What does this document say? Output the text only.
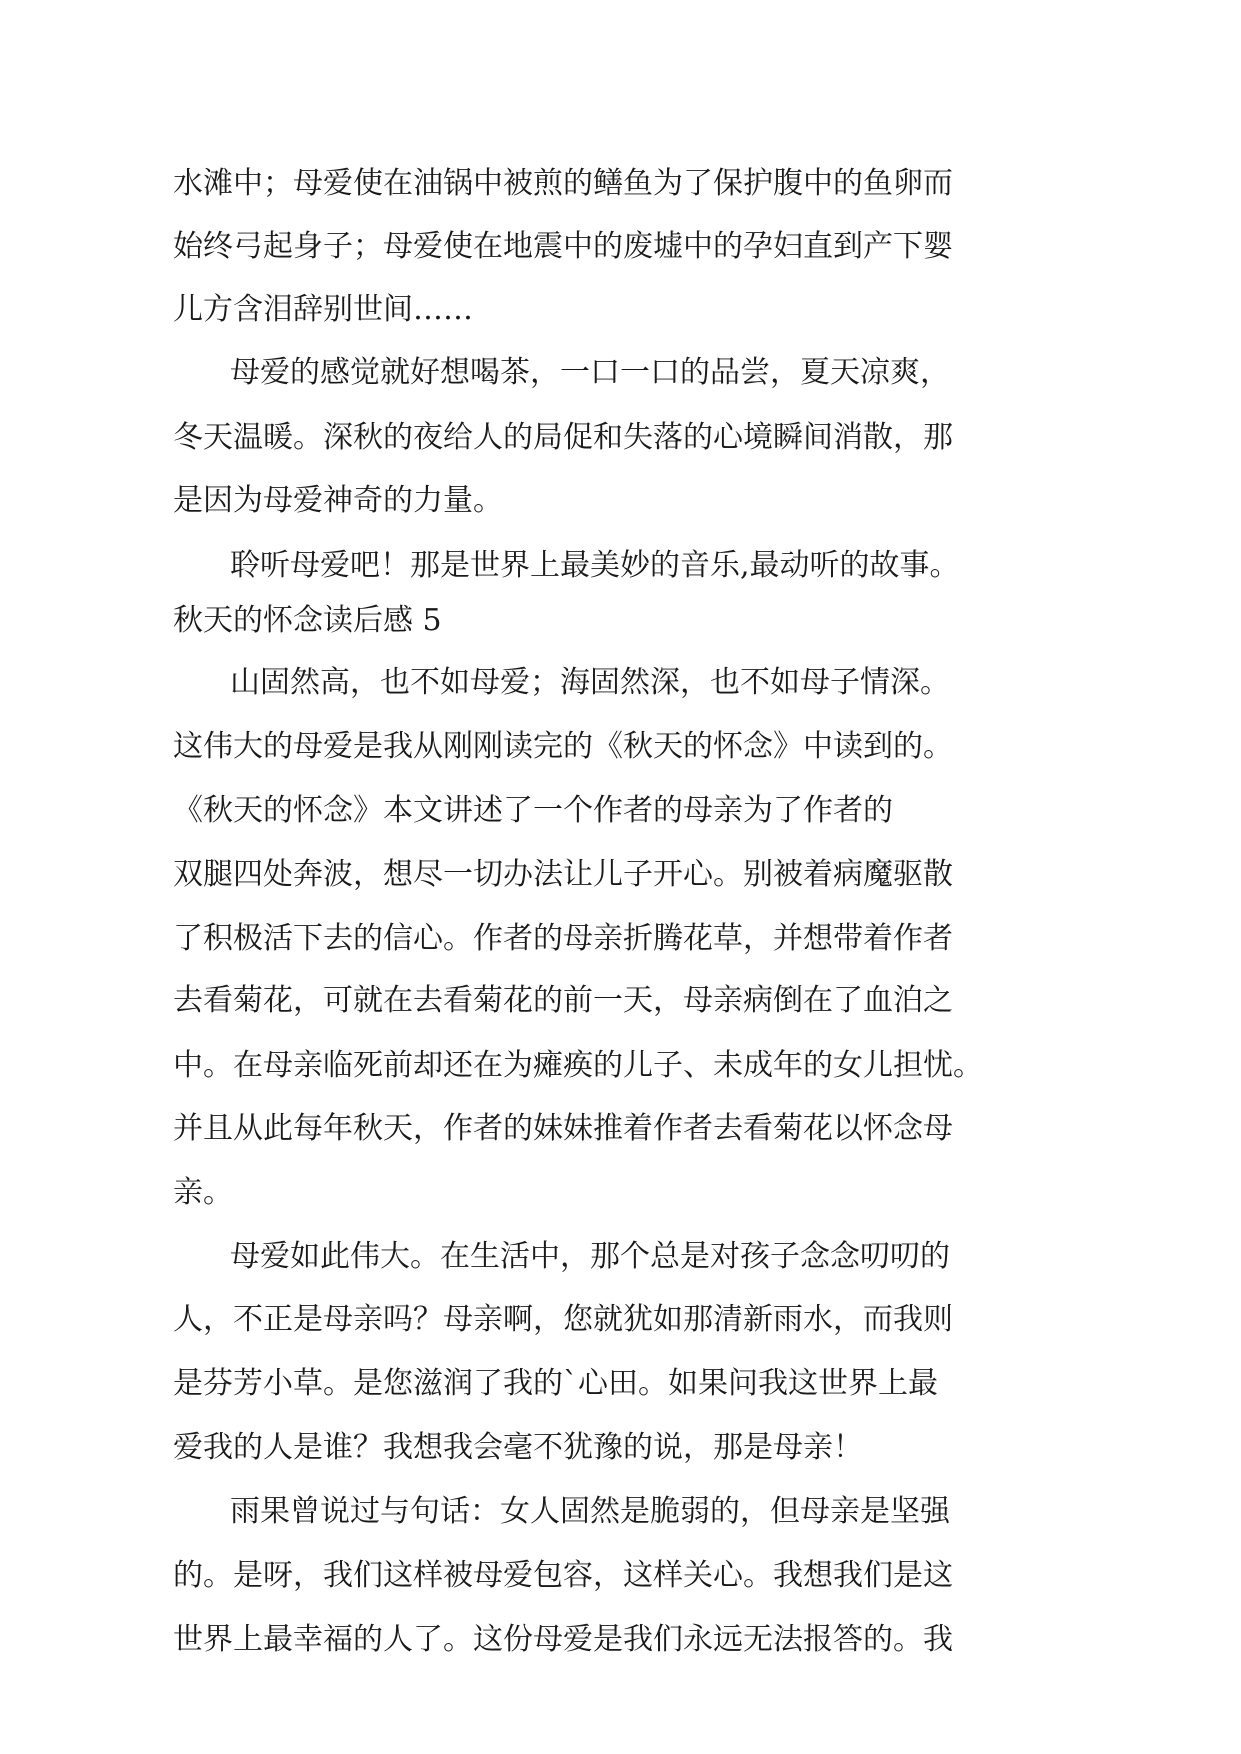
水滩中；母爱使在油锅中被煎的鳝鱼为了保护腹中的鱼卵而
始终弓起身子；母爱使在地震中的废墟中的孕妇直到产下婴
儿方含泪辞别世间……
母爱的感觉就好想喝茶，一口一口的品尝，夏天凉爽，
冬天温暖。深秋的夜给人的局促和失落的心境瞬间消散，那
是因为母爱神奇的力量。
聆听母爱吧！那是世界上最美妙的音乐,最动听的故事。
秋天的怀念读后感 5
山固然高，也不如母爱；海固然深，也不如母子情深。
这伟大的母爱是我从刚刚读完的《秋天的怀念》中读到的。
《秋天的怀念》本文讲述了一个作者的母亲为了作者的
双腿四处奔波，想尽一切办法让儿子开心。别被着病魔驱散
了积极活下去的信心。作者的母亲折腾花草，并想带着作者
去看菊花，可就在去看菊花的前一天，母亲病倒在了血泊之
中。在母亲临死前却还在为瘫痪的儿子、未成年的女儿担忧。
并且从此每年秋天，作者的妹妹推着作者去看菊花以怀念母
亲。
母爱如此伟大。在生活中，那个总是对孩子念念叨叨的
人，不正是母亲吗？母亲啊，您就犹如那清新雨水，而我则
是芬芳小草。是您滋润了我的`心田。如果问我这世界上最
爱我的人是谁？我想我会毫不犹豫的说，那是母亲！
雨果曾说过与句话：女人固然是脆弱的，但母亲是坚强
的。是呀，我们这样被母爱包容，这样关心。我想我们是这
世界上最幸福的人了。这份母爱是我们永远无法报答的。我
